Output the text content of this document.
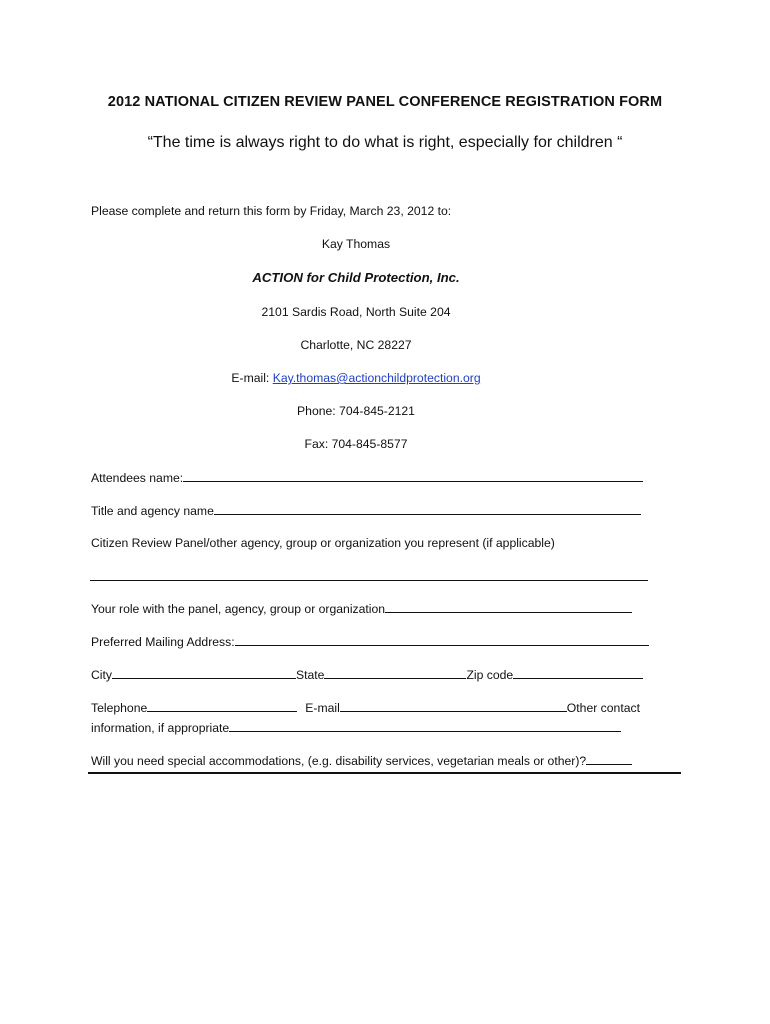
2012 NATIONAL CITIZEN REVIEW PANEL CONFERENCE REGISTRATION FORM
“The time is always right to do what is right, especially for children “
Please complete and return this form by Friday, March 23, 2012 to:
Kay Thomas
ACTION for Child Protection, Inc.
2101 Sardis Road, North Suite 204
Charlotte, NC 28227
E-mail: Kay.thomas@actionchildprotection.org
Phone: 704-845-2121
Fax: 704-845-8577
Attendees name:
Title and agency name
Citizen Review Panel/other agency, group or organization you represent (if applicable)
Your role with the panel, agency, group or organization
Preferred Mailing Address:
City	State	Zip code
Telephone	E-mail	Other contact
information, if appropriate
Will you need special accommodations, (e.g. disability services, vegetarian meals or other)?
